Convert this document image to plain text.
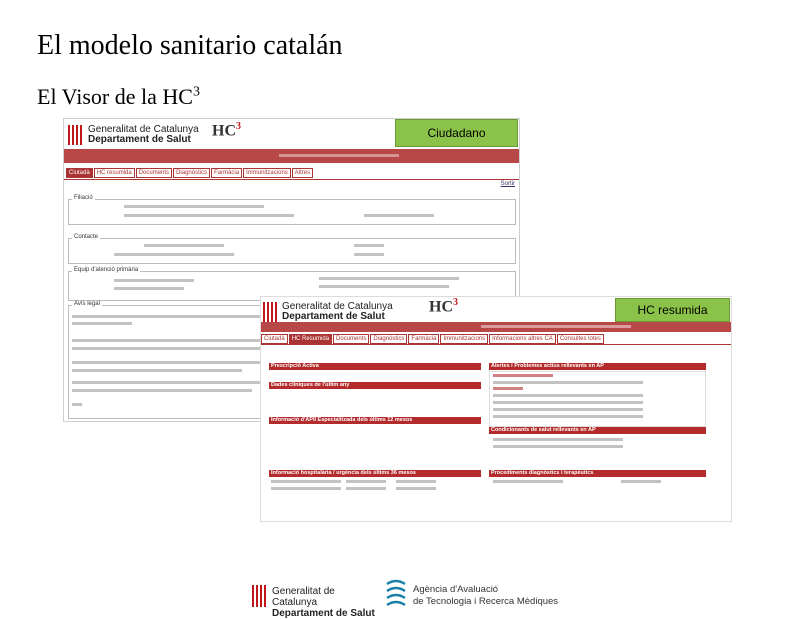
El modelo sanitario catalán
El Visor de la $HC^3$
Generalitat de Catalunya
Departament de Salut
$HC^3$
Ciutadà	HC resumida	Documents	Diagnòstics	Farmàcia	Immunitzacions	Altres
Sortir
Filiació
Contacte
Equip d'atenció primària
Avís legal
Ciudadano
Generalitat de Catalunya
Departament de Salut
$HC^3$
Ciutadà	HC Resumida	Documents	Diagnòstics	Farmàcia	Immunitzacions	Informacions altres CA	Consultes lotes
Prescripció Activa
Dades clíniques de l'últim any
Informació d'APII Especialitzada dels últims 12 mesos
Informació hospitalària / urgència dels últims 36 mesos
Alertes i Problemes actius rellevants en AP
Condicionants de salut rellevants en AP
Procediments diagnòstics i terapèutics
HC resumida
Generalitat de Catalunya
Departament de Salut
Agència d'Avaluació
de Tecnologia i Recerca Mèdiques
